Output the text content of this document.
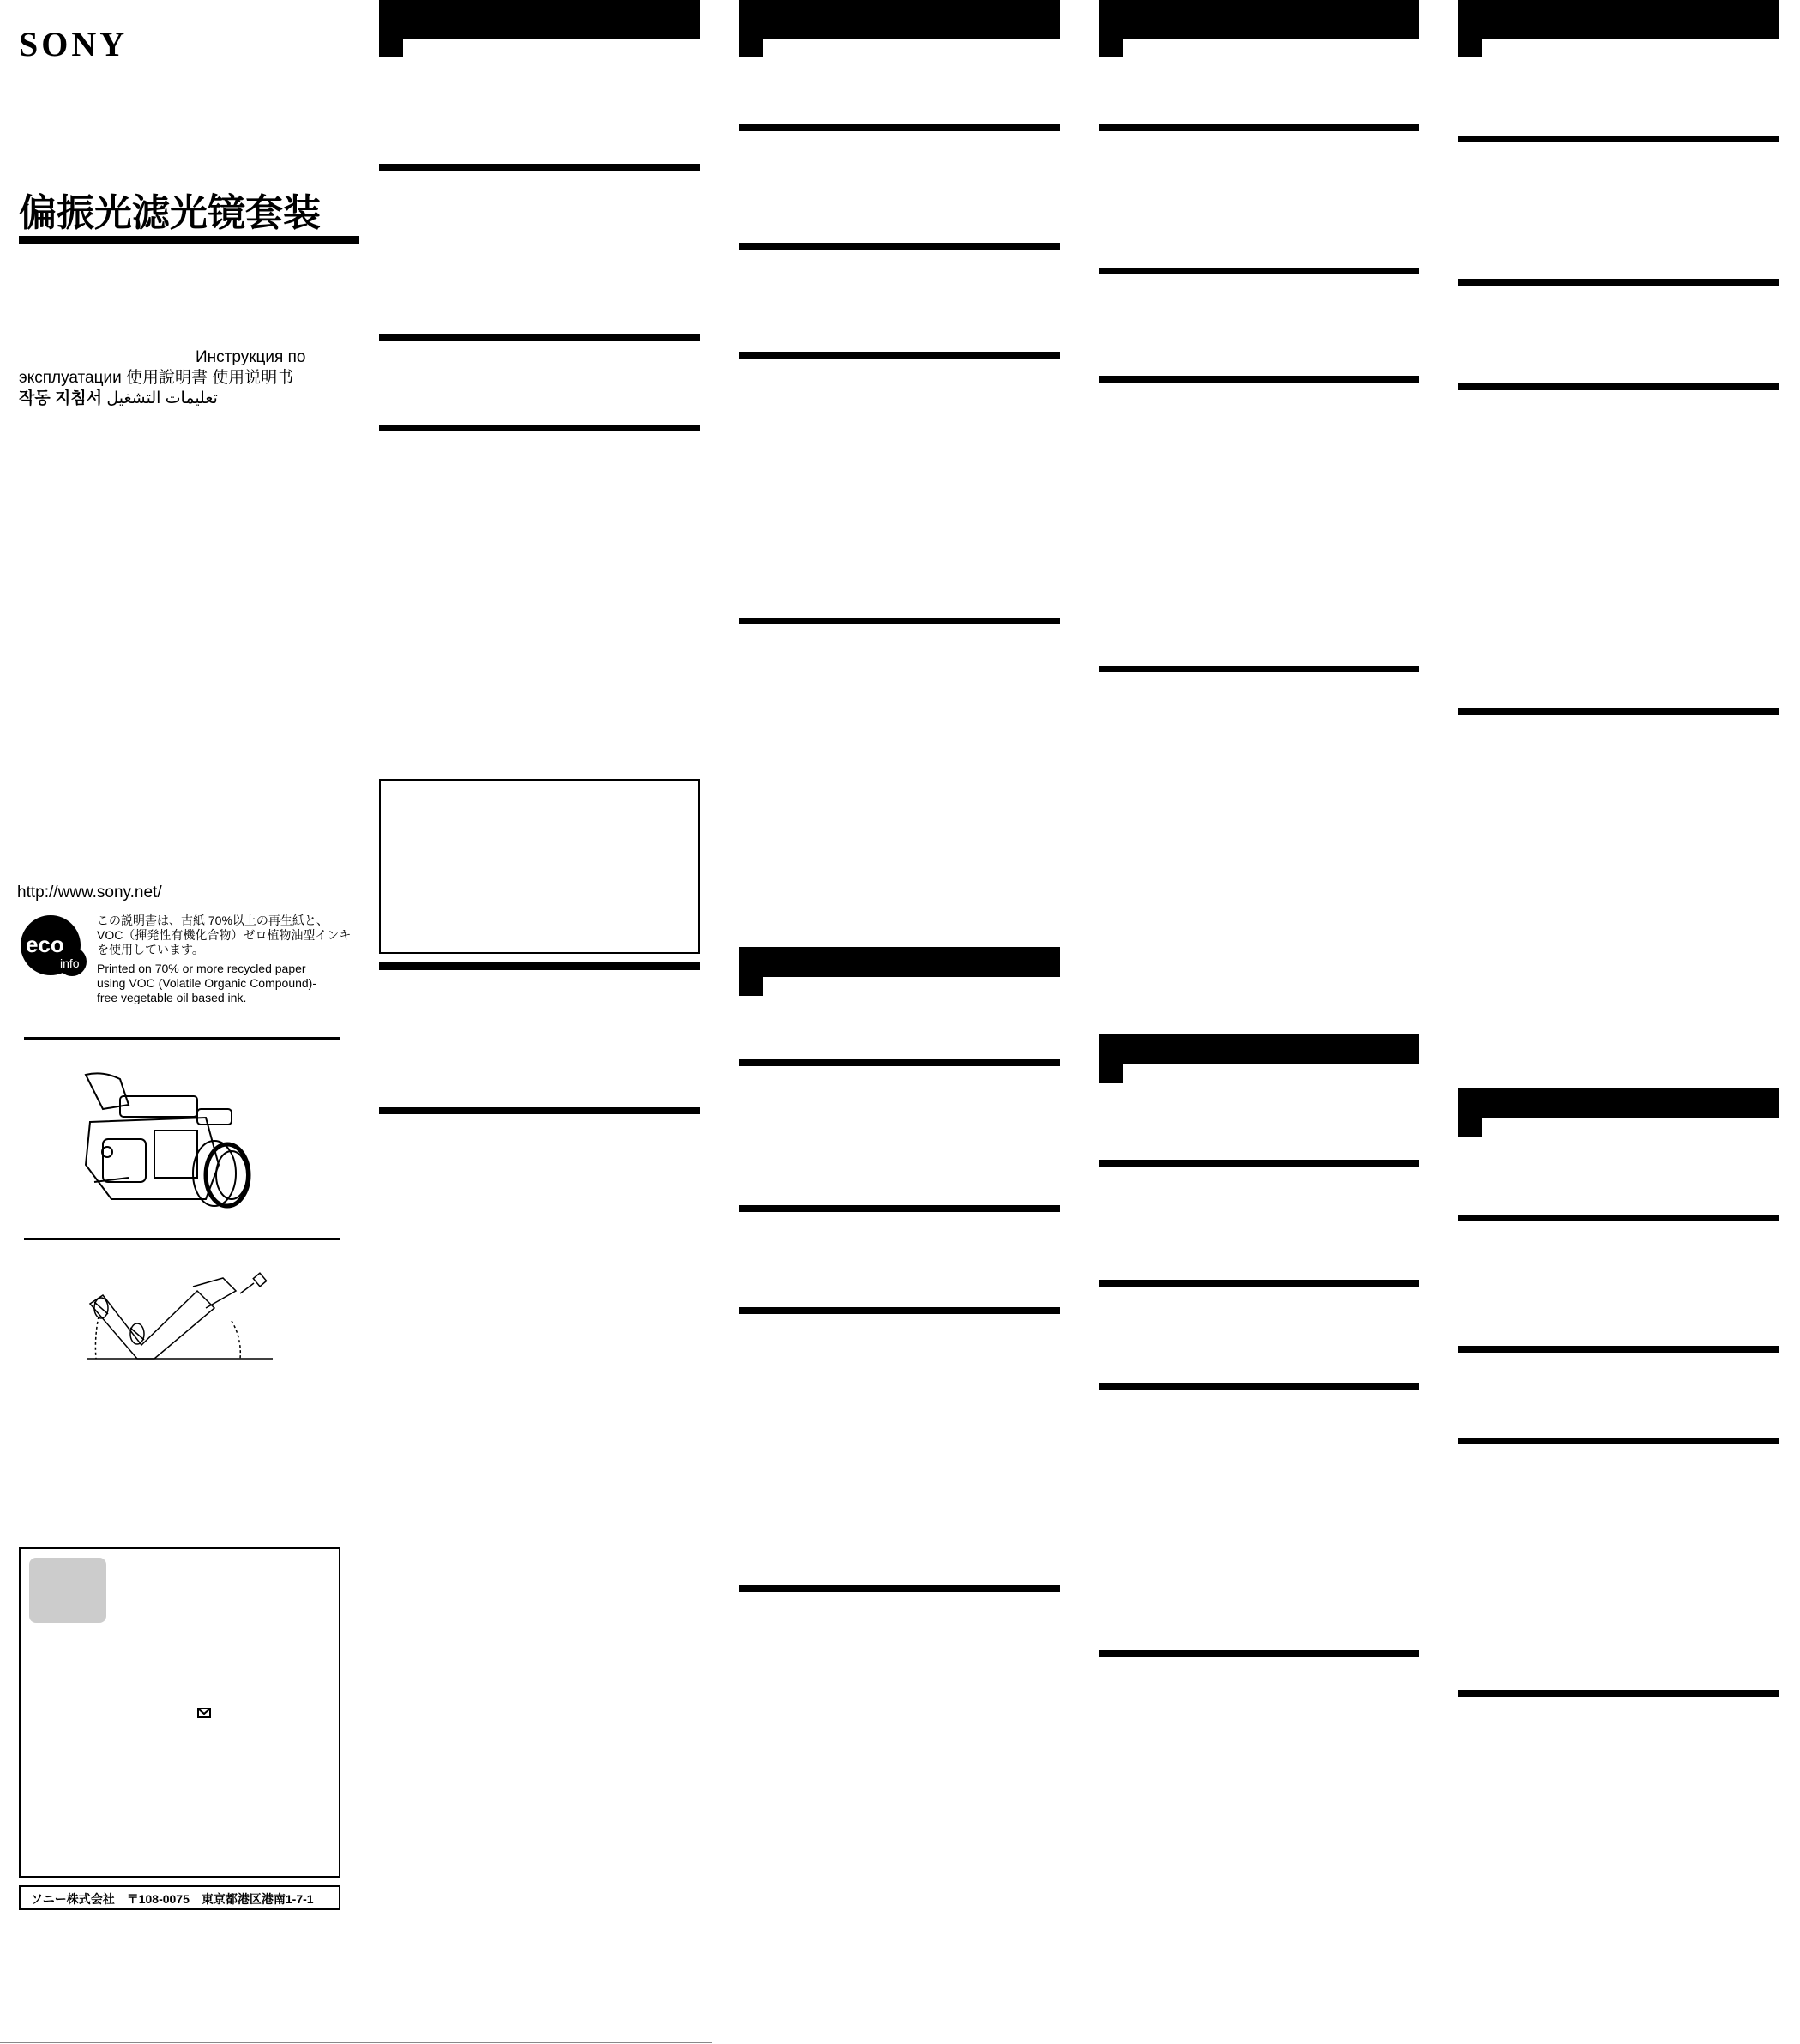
SONY
偏振光滤光镜套装
Инструкция по
эксплуатации 使用說明書 使用说明书
작동 지침서 تعليمات التشغيل
http://www.sony.net/
eco
info
この説明書は、古紙 70%以上の再生紙と、
VOC（揮発性有機化合物）ゼロ植物油型インキ
を使用しています。
Printed on 70% or more recycled paper
using VOC (Volatile Organic Compound)-
free vegetable oil based ink.
ソニー株式会社　〒108-0075　東京都港区港南1-7-1
